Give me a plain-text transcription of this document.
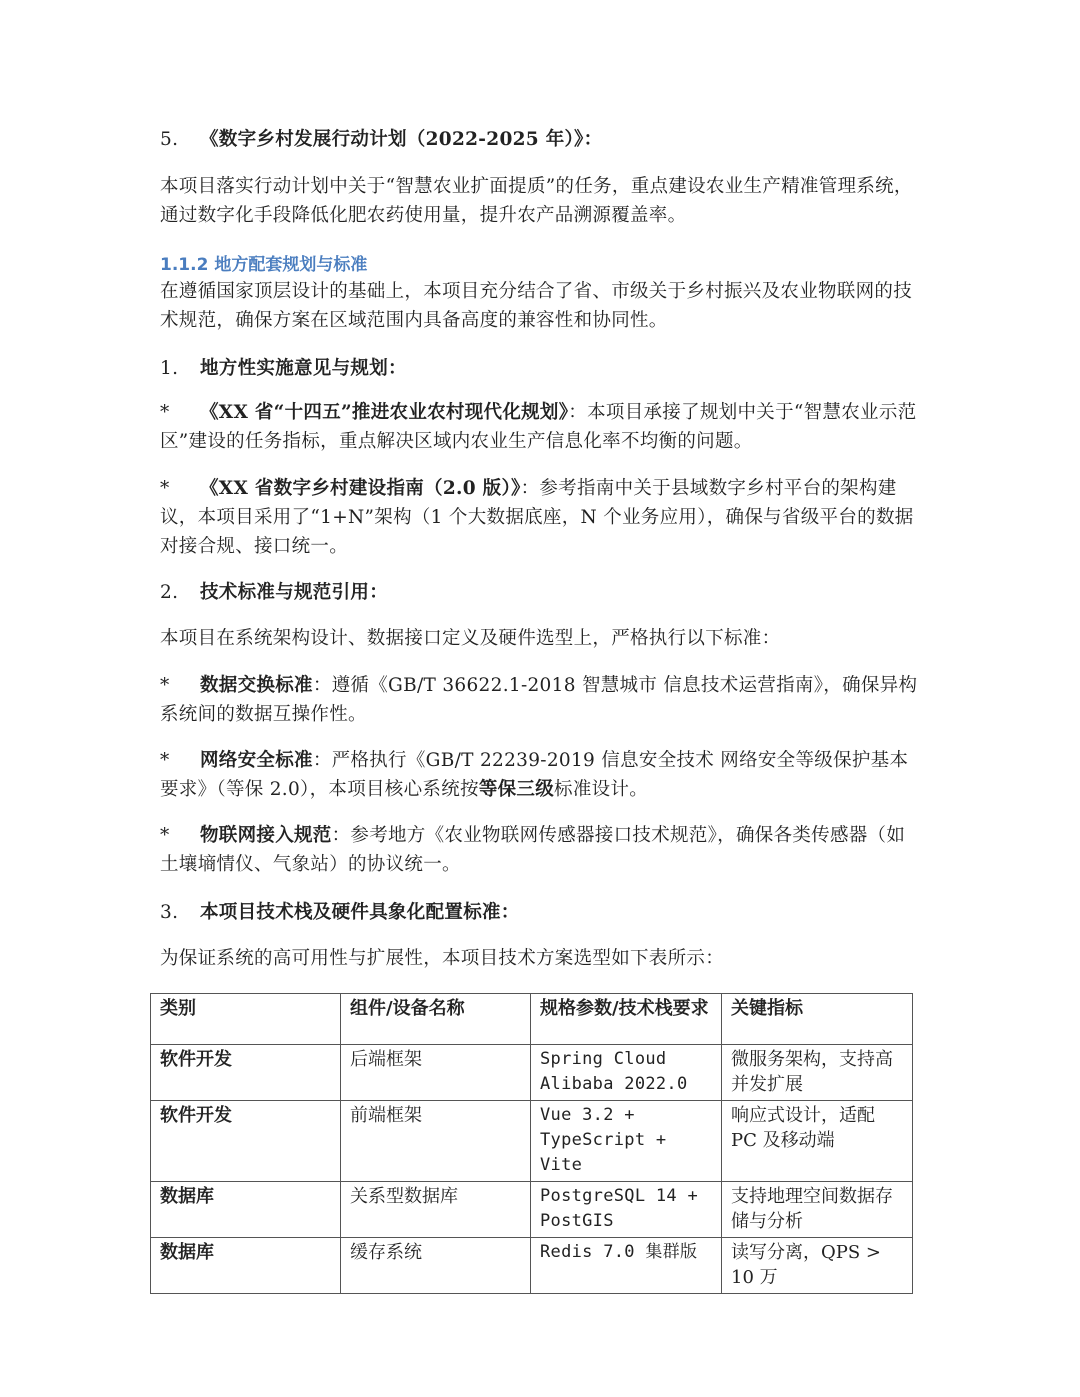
5. 《数字乡村发展行动计划（2022-2025 年）》：

本项目落实行动计划中关于“智慧农业扩面提质”的任务，重点建设农业生产精准管理系统，通过数字化手段降低化肥农药使用量，提升农产品溯源覆盖率。

1.1.2 地方配套规划与标准

在遵循国家顶层设计的基础上，本项目充分结合了省、市级关于乡村振兴及农业物联网的技术规范，确保方案在区域范围内具备高度的兼容性和协同性。

1. 地方性实施意见与规划：

* 《XX 省“十四五”推进农业农村现代化规划》：本项目承接了规划中关于“智慧农业示范区”建设的任务指标，重点解决区域内农业生产信息化率不均衡的问题。

* 《XX 省数字乡村建设指南（2.0 版）》：参考指南中关于县域数字乡村平台的架构建议，本项目采用了“1+N”架构（1 个大数据底座，N 个业务应用），确保与省级平台的数据对接合规、接口统一。

2. 技术标准与规范引用：

本项目在系统架构设计、数据接口定义及硬件选型上，严格执行以下标准：

* 数据交换标准：遵循《GB/T 36622.1-2018 智慧城市 信息技术运营指南》，确保异构系统间的数据互操作性。

* 网络安全标准：严格执行《GB/T 22239-2019 信息安全技术 网络安全等级保护基本要求》（等保 2.0），本项目核心系统按等保三级标准设计。

* 物联网接入规范：参考地方《农业物联网传感器接口技术规范》，确保各类传感器（如土壤墒情仪、气象站）的协议统一。

3. 本项目技术栈及硬件具象化配置标准：

为保证系统的高可用性与扩展性，本项目技术方案选型如下表所示：

类别	组件/设备名称	规格参数/技术栈要求	关键指标
软件开发	后端框架	Spring Cloud Alibaba 2022.0	微服务架构，支持高并发扩展
软件开发	前端框架	Vue 3.2 + TypeScript + Vite	响应式设计，适配 PC 及移动端
数据库	关系型数据库	PostgreSQL 14 + PostGIS	支持地理空间数据存储与分析
数据库	缓存系统	Redis 7.0 集群版	读写分离，QPS > 10 万
